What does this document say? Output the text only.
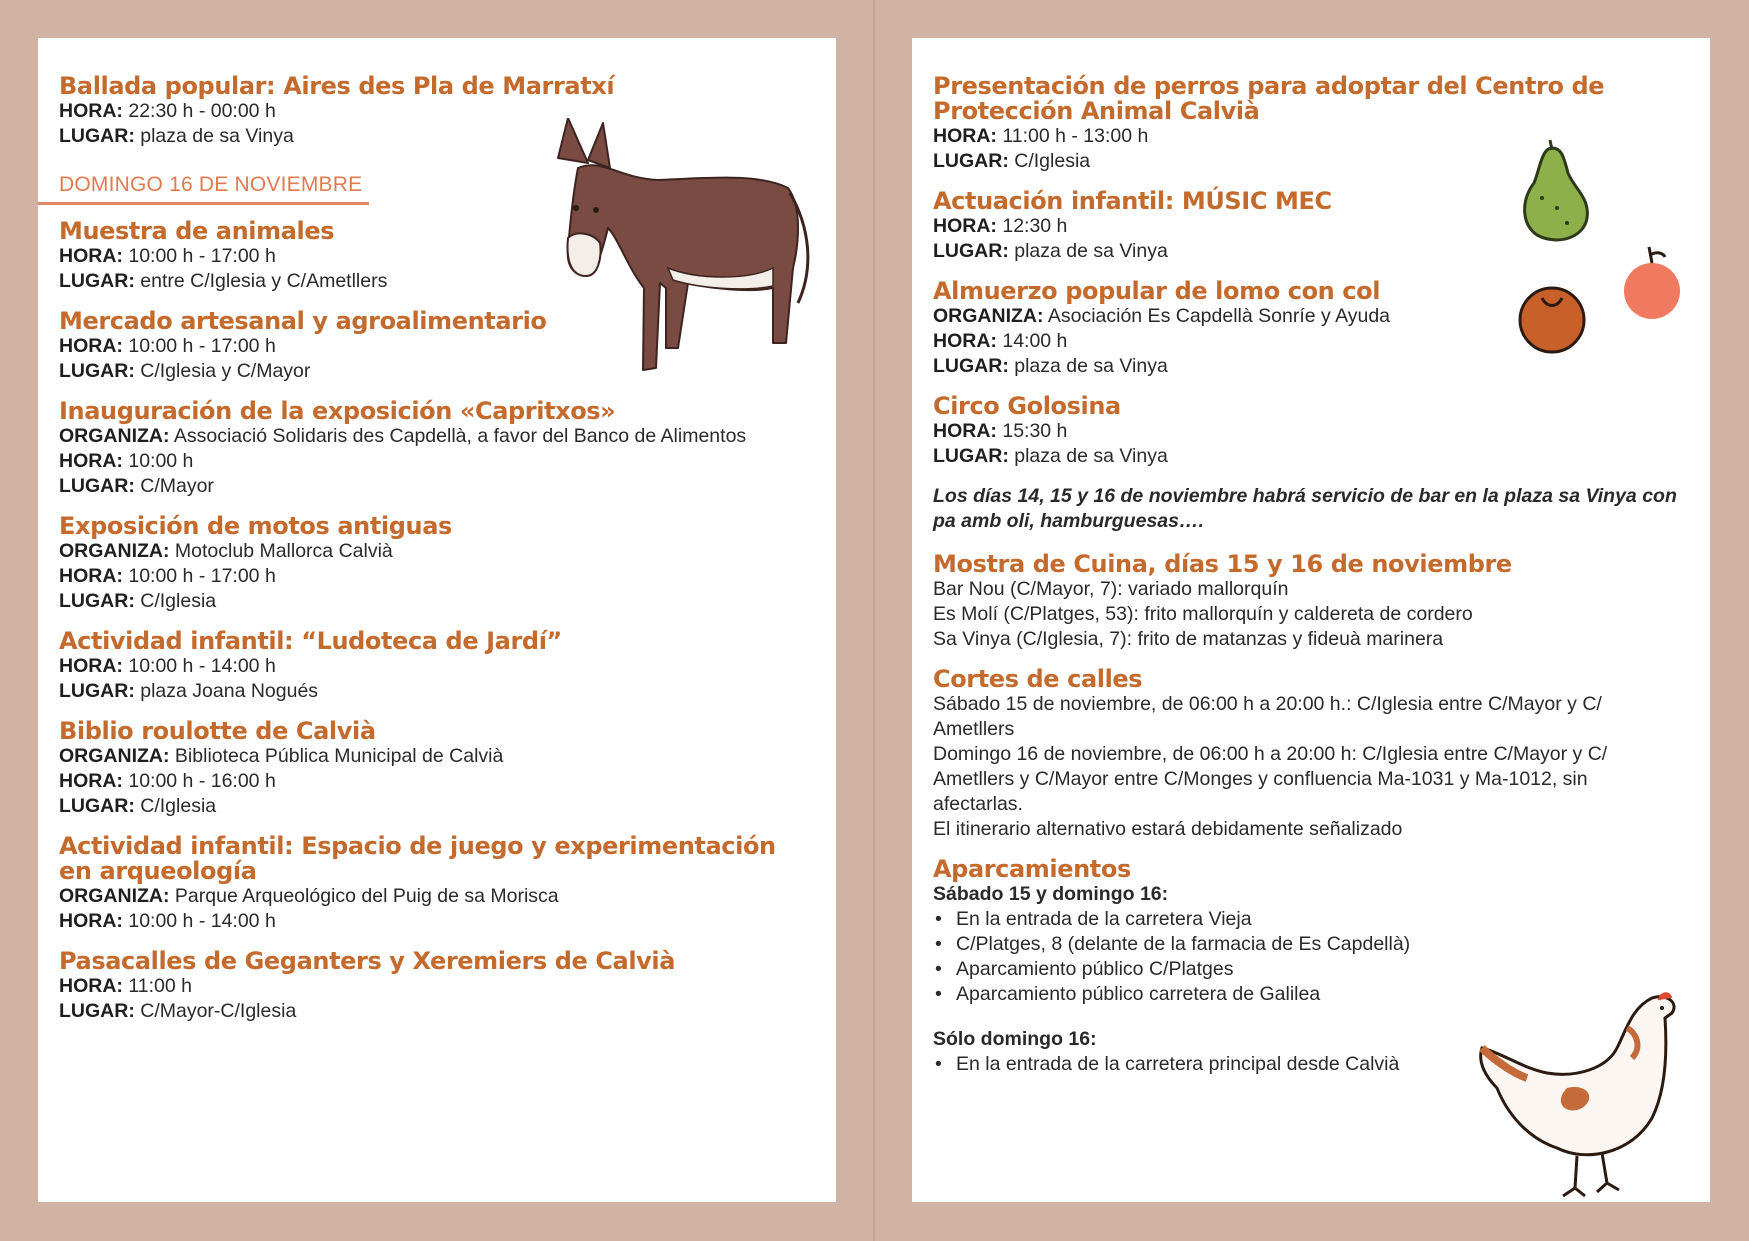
Ballada popular: Aires des Pla de Marratxí

HORA: 22:30 h - 00:00 h

LUGAR: plaza de sa Vinya

DOMINGO 16 DE NOVIEMBRE

Muestra de animales

HORA: 10:00 h - 17:00 h

LUGAR: entre C/Iglesia y C/Ametllers

Mercado artesanal y agroalimentario

HORA: 10:00 h - 17:00 h

LUGAR: C/Iglesia y C/Mayor

Inauguración de la exposición «Capritxos»

ORGANIZA: Associació Solidaris des Capdellà, a favor del Banco de Alimentos

HORA: 10:00 h

LUGAR: C/Mayor

Exposición de motos antiguas

ORGANIZA: Motoclub Mallorca Calvià

HORA: 10:00 h - 17:00 h

LUGAR: C/Iglesia

Actividad infantil: “Ludoteca de Jardí”

HORA: 10:00 h - 14:00 h

LUGAR: plaza Joana Nogués

Biblio roulotte de Calvià

ORGANIZA: Biblioteca Pública Municipal de Calvià

HORA: 10:00 h - 16:00 h

LUGAR: C/Iglesia

Actividad infantil: Espacio de juego y experimentación

en arqueología

ORGANIZA: Parque Arqueológico del Puig de sa Morisca

HORA: 10:00 h - 14:00 h

Pasacalles de Geganters y Xeremiers de Calvià

HORA: 11:00 h

LUGAR: C/Mayor-C/Iglesia

Presentación de perros para adoptar del Centro de

Protección Animal Calvià

HORA: 11:00 h - 13:00 h

LUGAR: C/Iglesia

Actuación infantil: MÚSIC MEC

HORA: 12:30 h

LUGAR: plaza de sa Vinya

Almuerzo popular de lomo con col

ORGANIZA: Asociación Es Capdellà Sonríe y Ayuda

HORA: 14:00 h

LUGAR: plaza de sa Vinya

Circo Golosina

HORA: 15:30 h

LUGAR: plaza de sa Vinya

Los días 14, 15 y 16 de noviembre habrá servicio de bar en la plaza sa Vinya con pa amb oli, hamburguesas….

Mostra de Cuina, días 15 y 16 de noviembre

Bar Nou (C/Mayor, 7): variado mallorquín

Es Molí (C/Platges, 53): frito mallorquín y caldereta de cordero

Sa Vinya (C/Iglesia, 7): frito de matanzas y fideuà marinera

Cortes de calles

Sábado 15 de noviembre, de 06:00 h a 20:00 h.: C/Iglesia entre C/Mayor y C/

Ametllers

Domingo 16 de noviembre, de 06:00 h a 20:00 h: C/Iglesia entre C/Mayor y C/

Ametllers y C/Mayor entre C/Monges y confluencia Ma-1031 y Ma-1012, sin

afectarlas.

El itinerario alternativo estará debidamente señalizado

Aparcamientos

Sábado 15 y domingo 16:

• En la entrada de la carretera Vieja
• C/Platges, 8 (delante de la farmacia de Es Capdellà)
• Aparcamiento público C/Platges
• Aparcamiento público carretera de Galilea

Sólo domingo 16:

• En la entrada de la carretera principal desde Calvià
